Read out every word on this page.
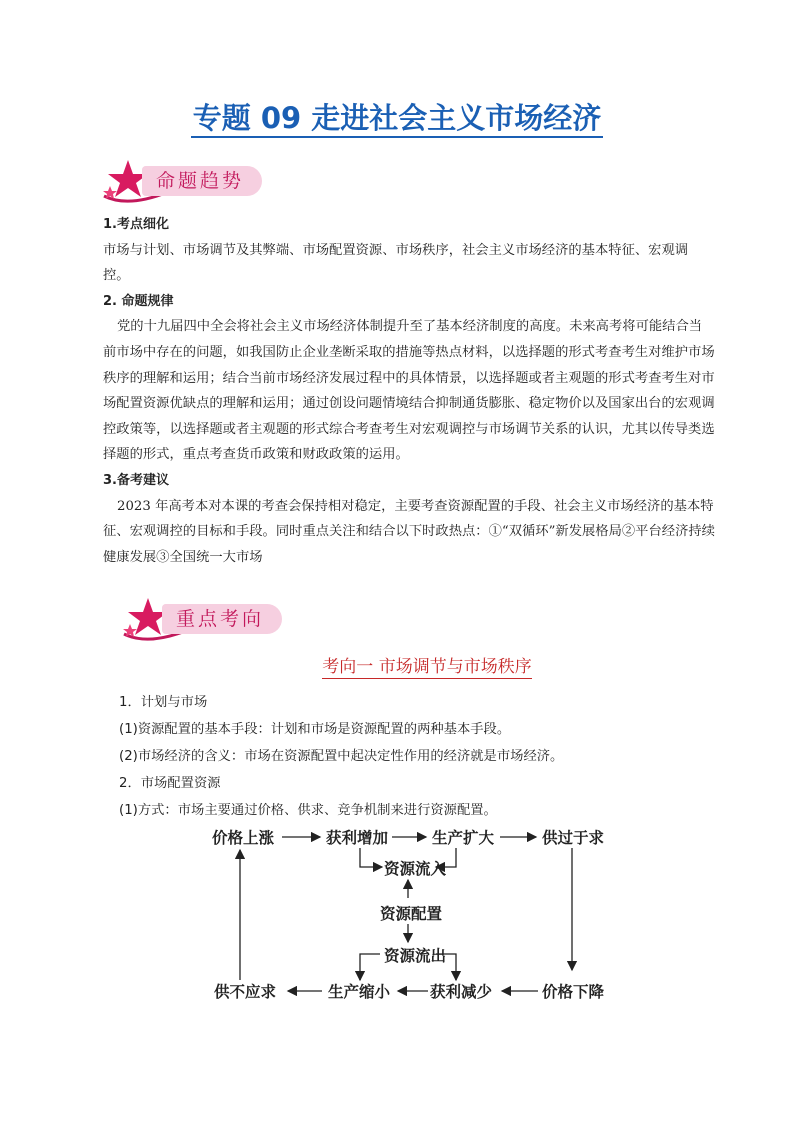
专题 09 走进社会主义市场经济
命题趋势
1.考点细化
市场与计划、市场调节及其弊端、市场配置资源、市场秩序，社会主义市场经济的基本特征、宏观调
控。
2. 命题规律
党的十九届四中全会将社会主义市场经济体制提升至了基本经济制度的高度。未来高考将可能结合当
前市场中存在的问题，如我国防止企业垄断采取的措施等热点材料，以选择题的形式考查考生对维护市场
秩序的理解和运用；结合当前市场经济发展过程中的具体情景，以选择题或者主观题的形式考查考生对市
场配置资源优缺点的理解和运用；通过创设问题情境结合抑制通货膨胀、稳定物价以及国家出台的宏观调
控政策等，以选择题或者主观题的形式综合考查考生对宏观调控与市场调节关系的认识，尤其以传导类选
择题的形式，重点考查货币政策和财政政策的运用。
3.备考建议
2023 年高考本对本课的考查会保持相对稳定，主要考查资源配置的手段、社会主义市场经济的基本特
征、宏观调控的目标和手段。同时重点关注和结合以下时政热点：①“双循环”新发展格局②平台经济持续
健康发展③全国统一大市场
重点考向
考向一 市场调节与市场秩序
1．计划与市场
(1)资源配置的基本手段：计划和市场是资源配置的两种基本手段。
(2)市场经济的含义：市场在资源配置中起决定性作用的经济就是市场经济。
2．市场配置资源
(1)方式：市场主要通过价格、供求、竞争机制来进行资源配置。
价格上涨	获利增加	生产扩大	供过于求
资源流入
资源配置
资源流出
供不应求	生产缩小	获利减少	价格下降
